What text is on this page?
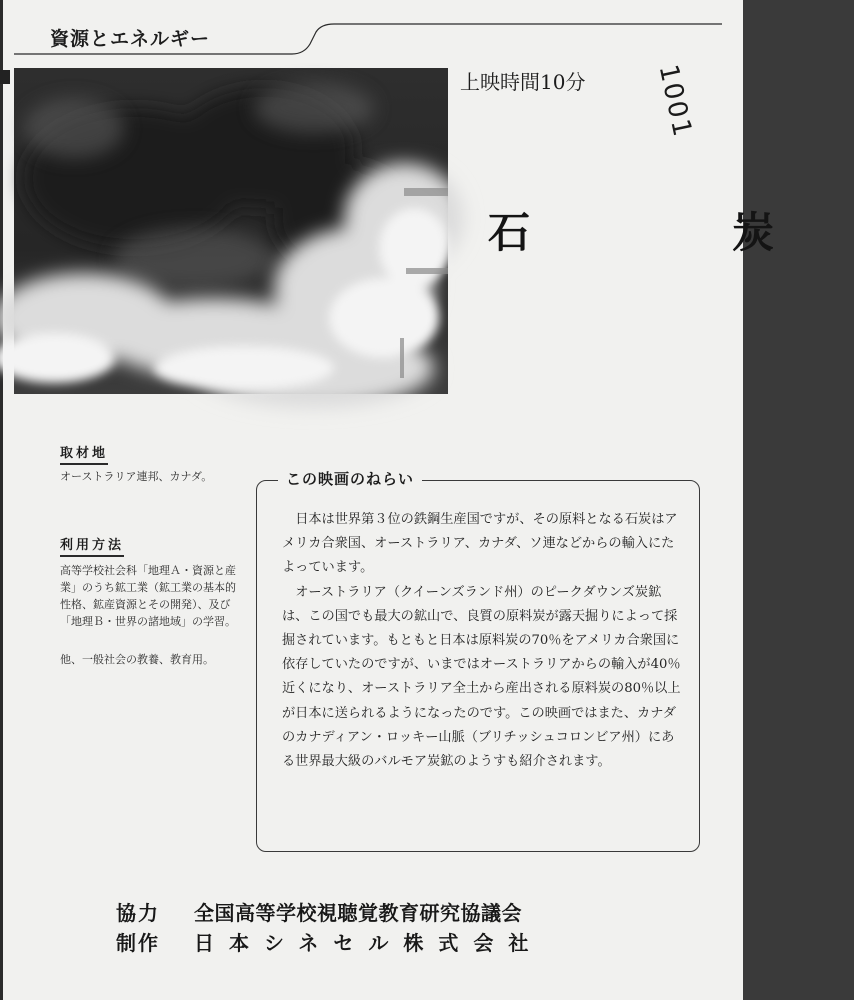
資源とエネルギー
上映時間10分	1001
石　炭
取材地
オーストラリア連邦、カナダ。
利用方法
高等学校社会科「地理Ａ・資源と産業」のうち鉱工業（鉱工業の基本的性格、鉱産資源とその開発）、及び「地理Ｂ・世界の諸地域」の学習。
他、一般社会の教養、教育用。
この映画のねらい

日本は世界第３位の鉄鋼生産国ですが、その原料となる石炭はアメリカ合衆国、オーストラリア、カナダ、ソ連などからの輸入にたよっています。

オーストラリア（クイーンズランド州）のピークダウンズ炭鉱は、この国でも最大の鉱山で、良質の原料炭が露天掘りによって採掘されています。もともと日本は原料炭の70％をアメリカ合衆国に依存していたのですが、いまではオーストラリアからの輸入が40％近くになり、オーストラリア全土から産出される原料炭の80％以上が日本に送られるようになったのです。この映画ではまた、カナダのカナディアン・ロッキー山脈（ブリチッシュコロンビア州）にある世界最大級のバルモア炭鉱のようすも紹介されます。

協力 全国高等学校視聴覚教育研究協議会
制作 日本シネセル株式会社
